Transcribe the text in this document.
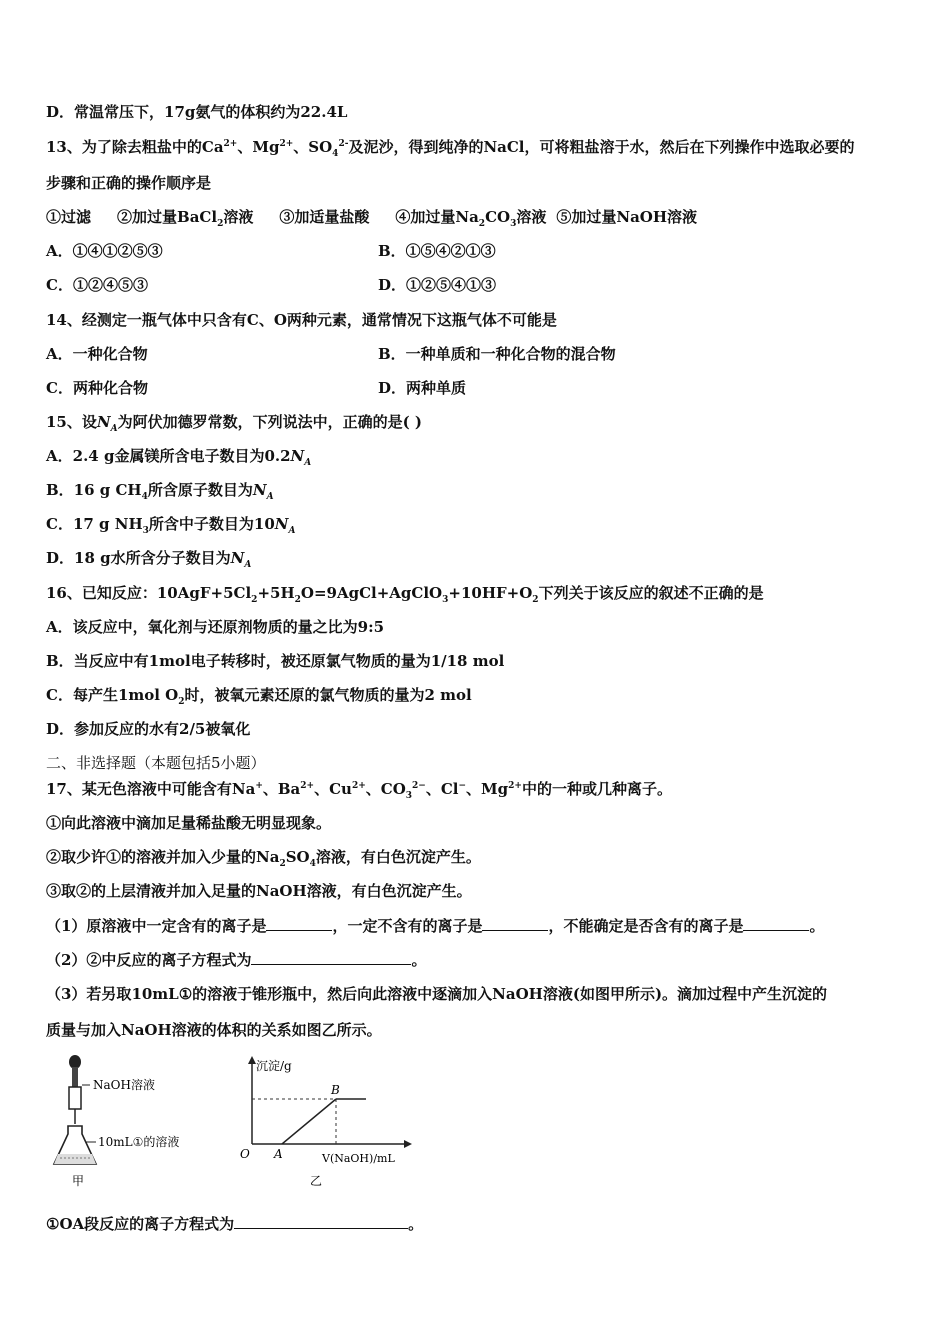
D．常温常压下，17g氨气的体积约为22.4L
13、为了除去粗盐中的$Ca^{2+}$、$Mg^{2+}$、$SO_4^{2-}$及泥沙，得到纯净的NaCl，可将粗盐溶于水，然后在下列操作中选取必要的
步骤和正确的操作顺序是
①过滤 ②加过量BaCl$_2$溶液 ③加适量盐酸 ④加过量$Na_2CO_3$溶液 ⑤加过量NaOH溶液
A．①④①②⑤③	B．①⑤④②①③
C．①②④⑤③	D．①②⑤④①③
14、经测定一瓶气体中只含有C、O两种元素，通常情况下这瓶气体不可能是
A．一种化合物	B．一种单质和一种化合物的混合物
C．两种化合物	D．两种单质
15、设$N_A$为阿伏加德罗常数，下列说法中，正确的是( )
A．2.4 g金属镁所含电子数目为$0.2N_A$
B．16 g $CH_4$所含原子数目为$N_A$
C．17 g $NH_3$所含中子数目为$10N_A$
D．18 g水所含分子数目为$N_A$
16、已知反应：$10AgF+5Cl_2+5H_2O=9AgCl+AgClO_3+10HF+O_2$下列关于该反应的叙述不正确的是
A．该反应中，氧化剂与还原剂物质的量之比为9:5
B．当反应中有1mol电子转移时，被还原氯气物质的量为1/18 mol
C．每产生1mol $O_2$时，被氧元素还原的氯气物质的量为2 mol
D．参加反应的水有2/5被氧化
二、非选择题（本题包括5小题）
17、某无色溶液中可能含有Na+、$Ba^{2+}$、$Cu^{2+}$、$CO_3^{2-}$、Cl−、$Mg^{2+}$中的一种或几种离子。
①向此溶液中滴加足量稀盐酸无明显现象。
②取少许①的溶液并加入少量的$Na_2SO_4$溶液，有白色沉淀产生。
③取②的上层清液并加入足量的NaOH溶液，有白色沉淀产生。
（1）原溶液中一定含有的离子是	，一定不含有的离子是	，不能确定是否含有的离子是	。
（2）②中反应的离子方程式为	。
（3）若另取10mL①的溶液于锥形瓶中，然后向此溶液中逐滴加入NaOH溶液(如图甲所示)。滴加过程中产生沉淀的
质量与加入NaOH溶液的体积的关系如图乙所示。
NaOH溶液
10mL①的溶液
甲
沉淀/g
B
O A	V(NaOH)/mL
乙
①OA段反应的离子方程式为	。
